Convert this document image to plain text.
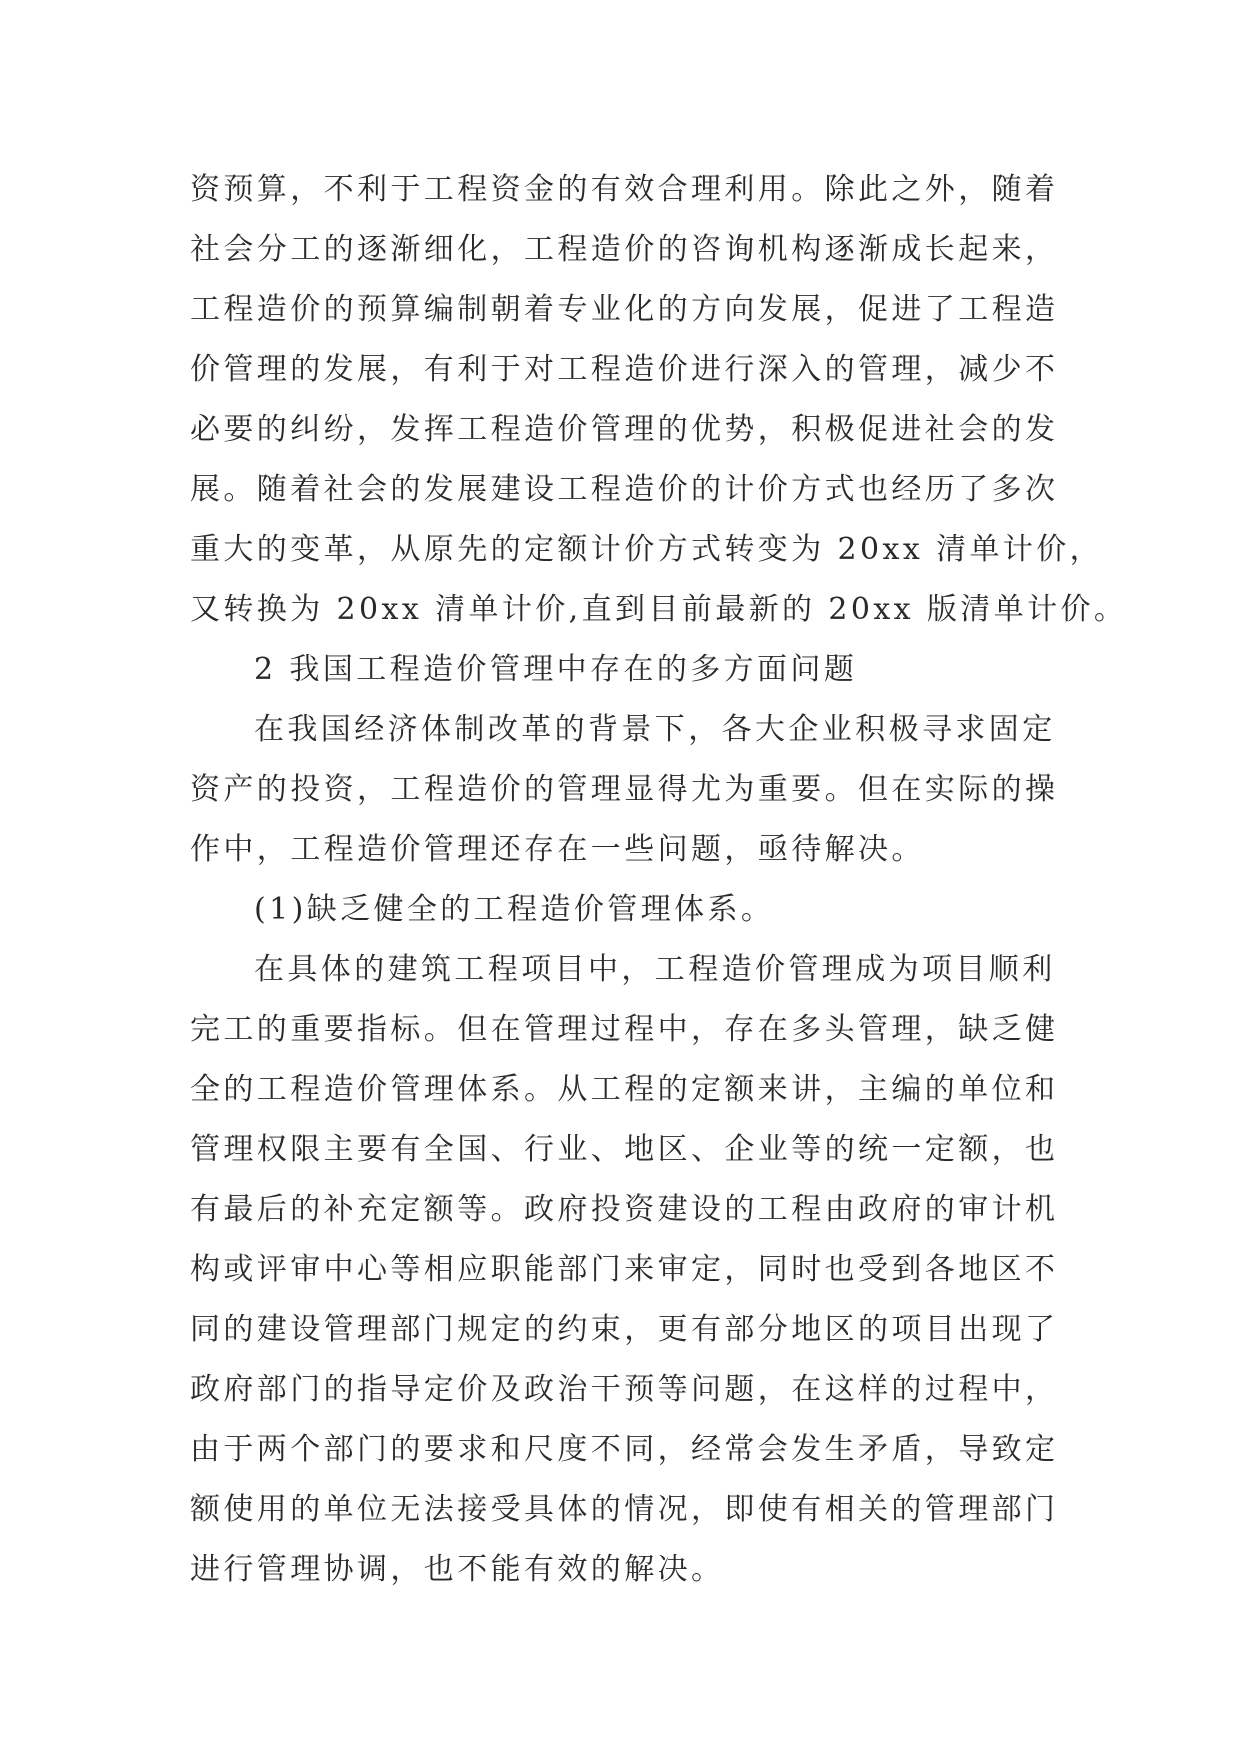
资预算，不利于工程资金的有效合理利用。除此之外，随着
社会分工的逐渐细化，工程造价的咨询机构逐渐成长起来，
工程造价的预算编制朝着专业化的方向发展，促进了工程造
价管理的发展，有利于对工程造价进行深入的管理，减少不
必要的纠纷，发挥工程造价管理的优势，积极促进社会的发
展。随着社会的发展建设工程造价的计价方式也经历了多次
重大的变革，从原先的定额计价方式转变为 20xx 清单计价，
又转换为 20xx 清单计价,直到目前最新的 20xx 版清单计价。
2 我国工程造价管理中存在的多方面问题
在我国经济体制改革的背景下，各大企业积极寻求固定
资产的投资，工程造价的管理显得尤为重要。但在实际的操
作中，工程造价管理还存在一些问题，亟待解决。
(1)缺乏健全的工程造价管理体系。
在具体的建筑工程项目中，工程造价管理成为项目顺利
完工的重要指标。但在管理过程中，存在多头管理，缺乏健
全的工程造价管理体系。从工程的定额来讲，主编的单位和
管理权限主要有全国、行业、地区、企业等的统一定额，也
有最后的补充定额等。政府投资建设的工程由政府的审计机
构或评审中心等相应职能部门来审定，同时也受到各地区不
同的建设管理部门规定的约束，更有部分地区的项目出现了
政府部门的指导定价及政治干预等问题，在这样的过程中，
由于两个部门的要求和尺度不同，经常会发生矛盾，导致定
额使用的单位无法接受具体的情况，即使有相关的管理部门
进行管理协调，也不能有效的解决。
